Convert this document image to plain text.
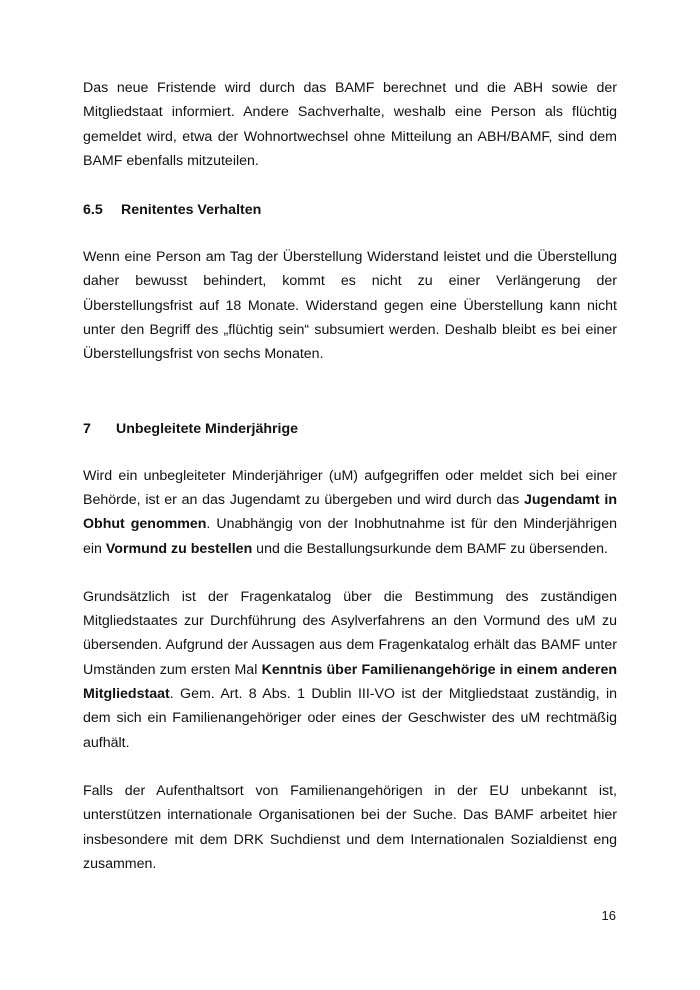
Das neue Fristende wird durch das BAMF berechnet und die ABH sowie der Mitgliedstaat informiert. Andere Sachverhalte, weshalb eine Person als flüchtig gemeldet wird, etwa der Wohnortwechsel ohne Mitteilung an ABH/BAMF, sind dem BAMF ebenfalls mitzuteilen.

6.5 Renitentes Verhalten

Wenn eine Person am Tag der Überstellung Widerstand leistet und die Überstellung daher bewusst behindert, kommt es nicht zu einer Verlängerung der Überstellungsfrist auf 18 Monate. Widerstand gegen eine Überstellung kann nicht unter den Begriff des „flüchtig sein“ subsumiert werden. Deshalb bleibt es bei einer Überstellungsfrist von sechs Monaten.

7 Unbegleitete Minderjährige

Wird ein unbegleiteter Minderjähriger (uM) aufgegriffen oder meldet sich bei einer Behörde, ist er an das Jugendamt zu übergeben und wird durch das Jugendamt in Obhut genommen. Unabhängig von der Inobhutnahme ist für den Minderjährigen ein Vormund zu bestellen und die Bestallungsurkunde dem BAMF zu übersenden.

Grundsätzlich ist der Fragenkatalog über die Bestimmung des zuständigen Mitgliedstaates zur Durchführung des Asylverfahrens an den Vormund des uM zu übersenden. Aufgrund der Aussagen aus dem Fragenkatalog erhält das BAMF unter Umständen zum ersten Mal Kenntnis über Familienangehörige in einem anderen Mitgliedstaat. Gem. Art. 8 Abs. 1 Dublin III-VO ist der Mitgliedstaat zuständig, in dem sich ein Familienangehöriger oder eines der Geschwister des uM rechtmäßig aufhält.

Falls der Aufenthaltsort von Familienangehörigen in der EU unbekannt ist, unterstützen internationale Organisationen bei der Suche. Das BAMF arbeitet hier insbesondere mit dem DRK Suchdienst und dem Internationalen Sozialdienst eng zusammen.

16
